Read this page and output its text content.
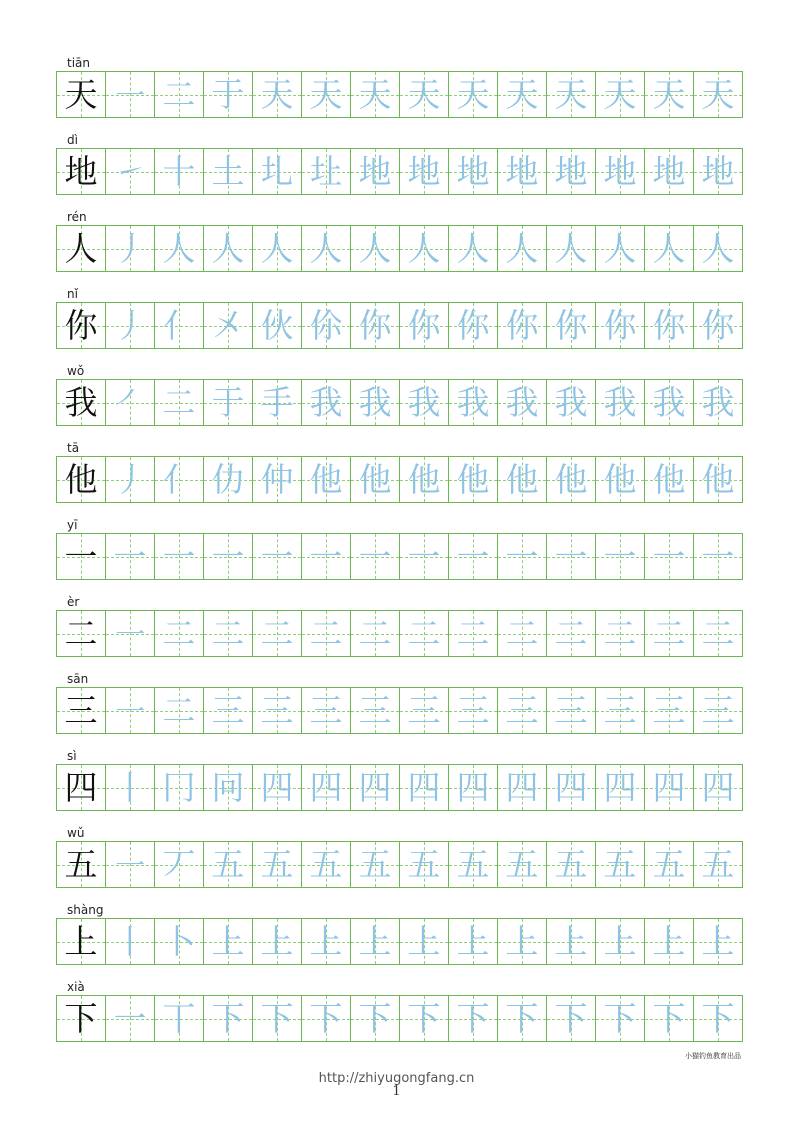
tiān
天 ㇐ 二 于 天 天 天 天 天 天 天 天 天 天
dì
地 ㇀ 十 土 圠 圵 地 地 地 地 地 地 地 地
rén
人 丿 人 人 人 人 人 人 人 人 人 人 人 人
nǐ
你 丿 亻 㐅 伙 伱 你 你 你 你 你 你 你 你
wǒ
我 ㇒ 二 于 手 我 我 我 我 我 我 我 我 我
tā
他 丿 亻 仂 仲 他 他 他 他 他 他 他 他 他
yī
一 一 一 一 一 一 一 一 一 一 一 一 一 一
èr
二 ㇐ 二 二 二 二 二 二 二 二 二 二 二 二
sān
三 ㇐ 二 三 三 三 三 三 三 三 三 三 三 三
sì
四 丨 冂 冋 四 四 四 四 四 四 四 四 四 四
wǔ
五 ㇐ 丆 五 五 五 五 五 五 五 五 五 五 五
shàng
上 丨 卜 上 上 上 上 上 上 上 上 上 上 上
xià
下 一 丅 下 下 下 下 下 下 下 下 下 下 下
小猫钓鱼教育出品
http://zhiyugongfang.cn
1
